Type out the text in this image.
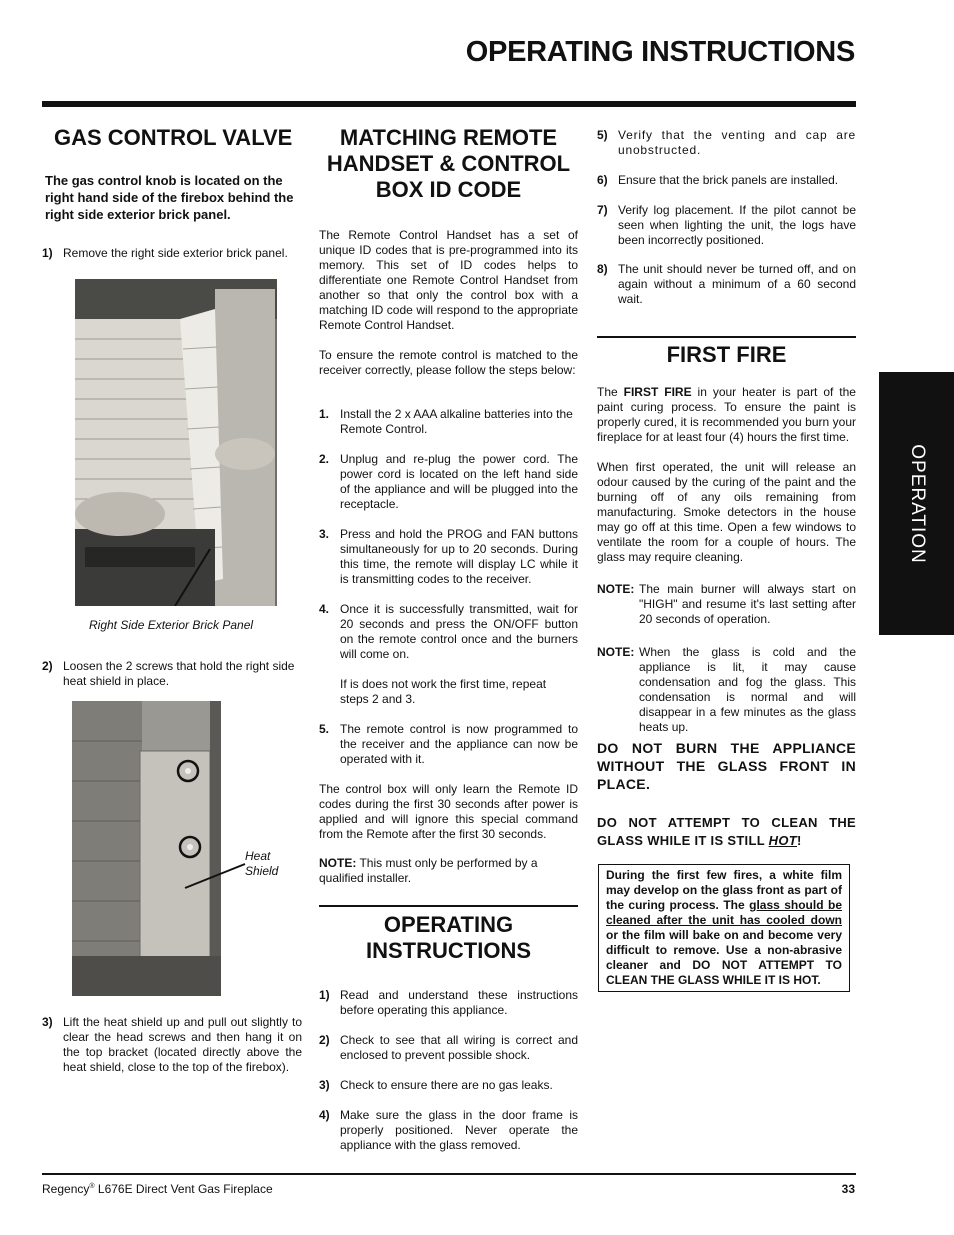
OPERATING INSTRUCTIONS
OPERATION
GAS CONTROL VALVE
The gas control knob is located on the right hand side of the firebox behind the right side exterior brick panel.
1) Remove the right side exterior brick panel.
Right Side Exterior Brick Panel
2) Loosen the 2 screws that hold the right side heat shield in place.
Heat Shield
3) Lift the heat shield up and pull out slightly to clear the head screws and then hang it on the top bracket (located directly above the heat shield, close to the top of the firebox).
MATCHING REMOTE HANDSET & CONTROL BOX ID CODE
The Remote Control Handset has a set of unique ID codes that is pre-programmed into its memory. This set of ID codes helps to differentiate one Remote Control Handset from another so that only the control box with a matching ID code will respond to the appropriate Remote Control Handset.
To ensure the remote control is matched to the receiver correctly, please follow the steps below:
1. Install the 2 x AAA alkaline batteries into the Remote Control.
2. Unplug and re-plug the power cord. The power cord is located on the left hand side of the appliance and will be plugged into the receptacle.
3. Press and hold the PROG and FAN buttons simultaneously for up to 20 seconds. During this time, the remote will display LC while it is transmitting codes to the receiver.
4. Once it is successfully transmitted, wait for 20 seconds and press the ON/OFF button on the remote control once and the burners will come on.
If is does not work the first time, repeat steps 2 and 3.
5. The remote control is now programmed to the receiver and the appliance can now be operated with it.
The control box will only learn the Remote ID codes during the first 30 seconds after power is applied and will ignore this special command from the Remote after the first 30 seconds.
NOTE: This must only be performed by a qualified installer.
OPERATING INSTRUCTIONS
1) Read and understand these instructions before operating this appliance.
2) Check to see that all wiring is correct and enclosed to prevent possible shock.
3) Check to ensure there are no gas leaks.
4) Make sure the glass in the door frame is properly positioned. Never operate the appliance with the glass removed.
5) Verify that the venting and cap are unobstructed.
6) Ensure that the brick panels are installed.
7) Verify log placement. If the pilot cannot be seen when lighting the unit, the logs have been incorrectly positioned.
8) The unit should never be turned off, and on again without a minimum of a 60 second wait.
FIRST FIRE
The FIRST FIRE in your heater is part of the paint curing process. To ensure the paint is properly cured, it is recommended you burn your fireplace for at least four (4) hours the first time.
When first operated, the unit will release an odour caused by the curing of the paint and the burning off of any oils remaining from manufacturing. Smoke detectors in the house may go off at this time. Open a few windows to ventilate the room for a couple of hours. The glass may require cleaning.
NOTE: The main burner will always start on "HIGH" and resume it's last setting after 20 seconds of operation.
NOTE: When the glass is cold and the appliance is lit, it may cause condensation and fog the glass. This condensation is normal and will disappear in a few minutes as the glass heats up.
DO NOT BURN THE APPLIANCE WITHOUT THE GLASS FRONT IN PLACE.
DO NOT ATTEMPT TO CLEAN THE GLASS WHILE IT IS STILL HOT!
During the first few fires, a white film may develop on the glass front as part of the curing process. The glass should be cleaned after the unit has cooled down or the film will bake on and become very difficult to remove. Use a non-abrasive cleaner and DO NOT ATTEMPT TO CLEAN THE GLASS WHILE IT IS HOT.
Regency® L676E Direct Vent Gas Fireplace	33
